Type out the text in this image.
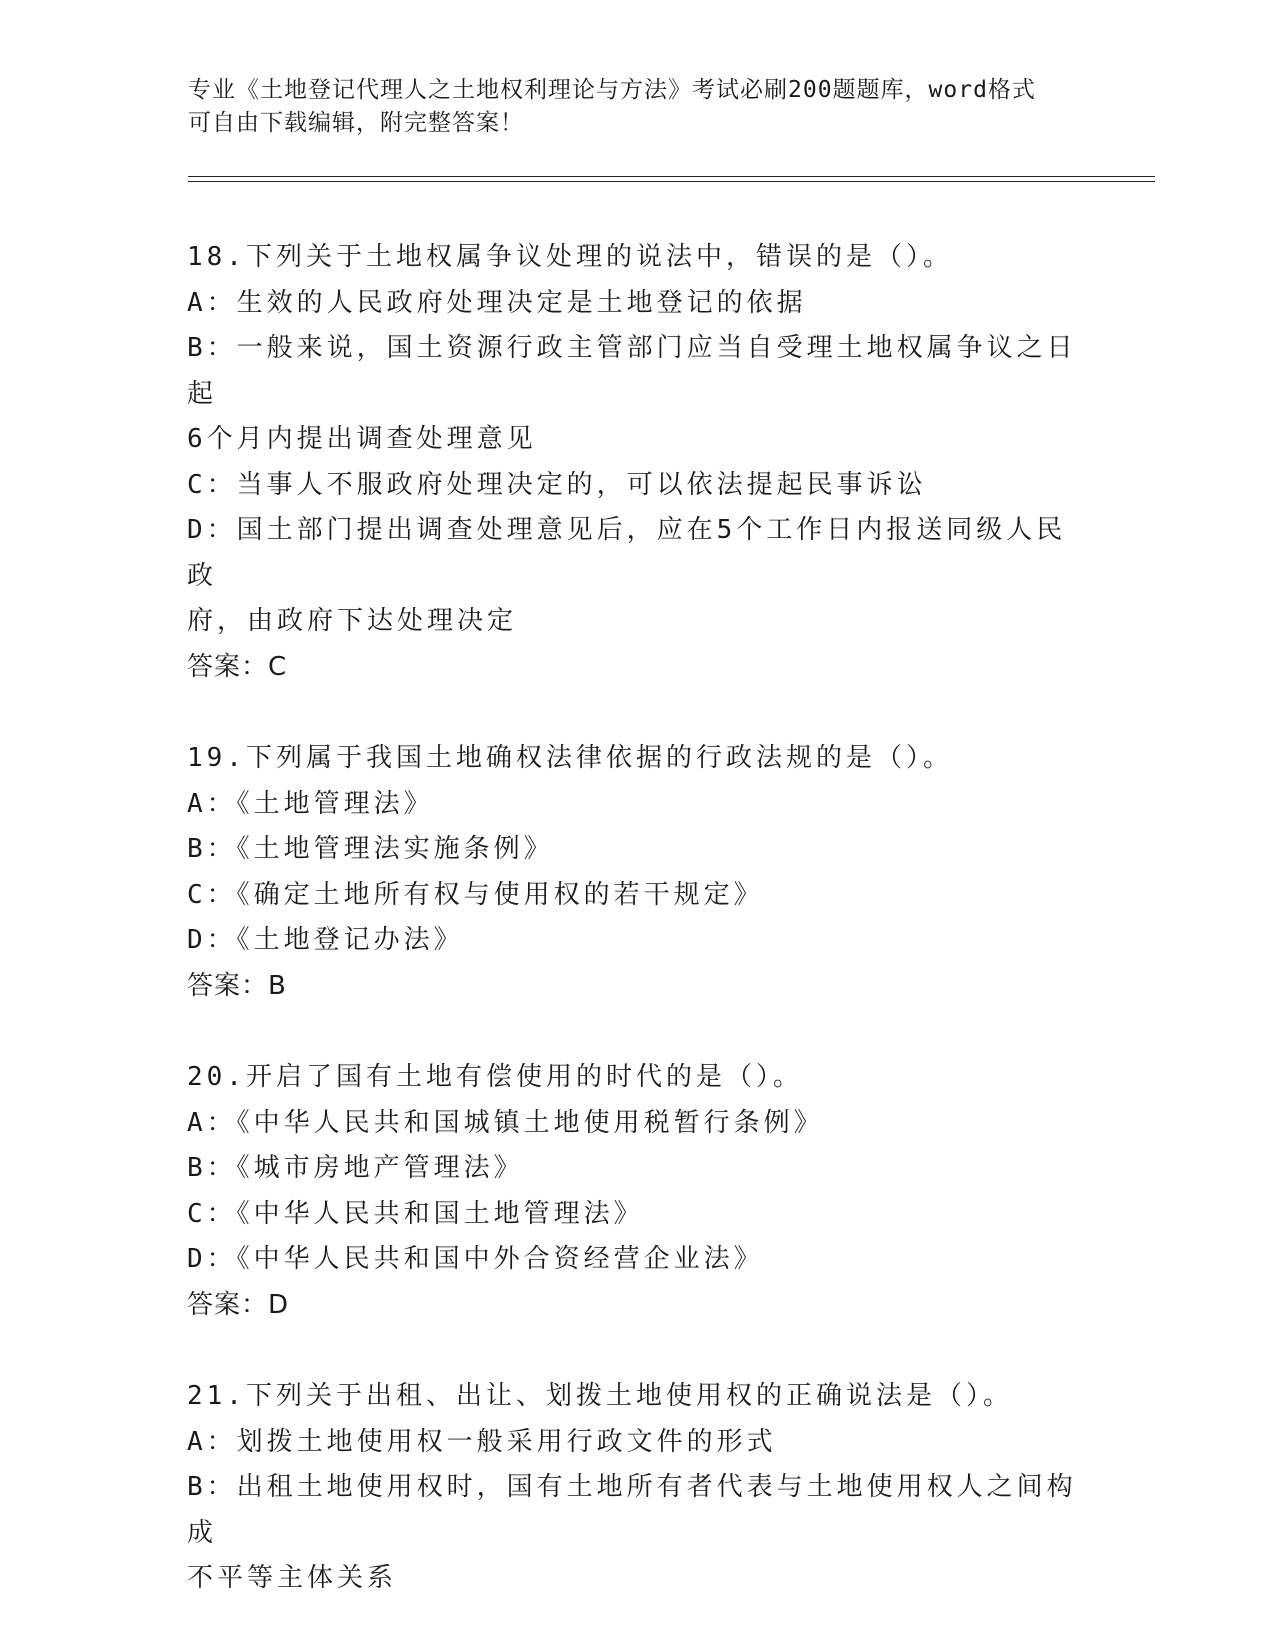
专业《土地登记代理人之土地权利理论与方法》考试必刷200题题库，word格式
可自由下载编辑，附完整答案！
18.下列关于土地权属争议处理的说法中，错误的是（）。
A：生效的人民政府处理决定是土地登记的依据
B：一般来说，国土资源行政主管部门应当自受理土地权属争议之日起
6个月内提出调查处理意见
C：当事人不服政府处理决定的，可以依法提起民事诉讼
D：国土部门提出调查处理意见后，应在5个工作日内报送同级人民政
府，由政府下达处理决定
答案：C
19.下列属于我国土地确权法律依据的行政法规的是（）。
A：《土地管理法》
B：《土地管理法实施条例》
C：《确定土地所有权与使用权的若干规定》
D：《土地登记办法》
答案：B
20.开启了国有土地有偿使用的时代的是（）。
A：《中华人民共和国城镇土地使用税暂行条例》
B：《城市房地产管理法》
C：《中华人民共和国土地管理法》
D：《中华人民共和国中外合资经营企业法》
答案：D
21.下列关于出租、出让、划拨土地使用权的正确说法是（）。
A：划拨土地使用权一般采用行政文件的形式
B：出租土地使用权时，国有土地所有者代表与土地使用权人之间构成
不平等主体关系
